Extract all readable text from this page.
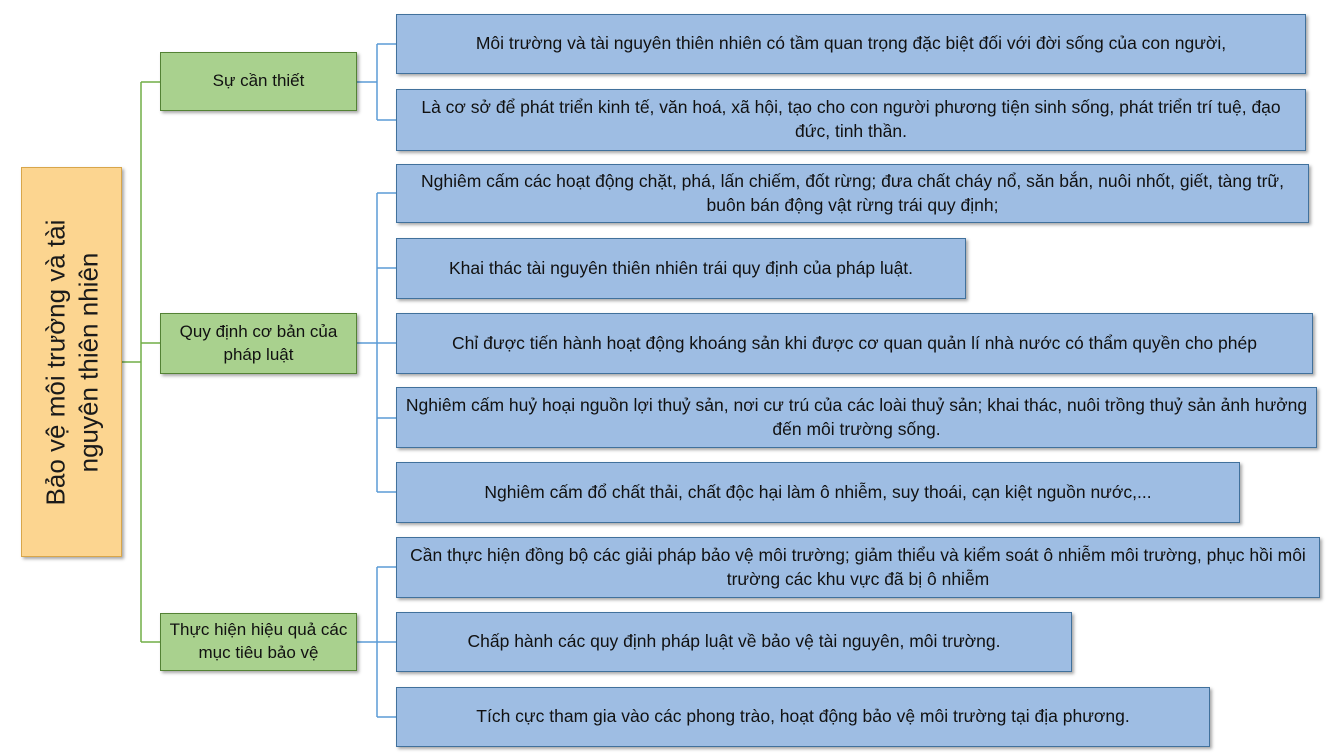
Bảo vệ môi trường và tài nguyên thiên nhiên
Sự cần thiết
Quy định cơ bản của pháp luật
Thực hiện hiệu quả các mục tiêu bảo vệ
Môi trường và tài nguyên thiên nhiên có tầm quan trọng đặc biệt đối với đời sống của con người,
Là cơ sở để phát triển kinh tế, văn hoá, xã hội, tạo cho con người phương tiện sinh sống, phát triển trí tuệ, đạo đức, tinh thần.
Nghiêm cấm các hoạt động chặt, phá, lấn chiếm, đốt rừng; đưa chất cháy nổ, săn bắn, nuôi nhốt, giết, tàng trữ, buôn bán động vật rừng trái quy định;
Khai thác tài nguyên thiên nhiên trái quy định của pháp luật.
Chỉ được tiến hành hoạt động khoáng sản khi được cơ quan quản lí nhà nước có thẩm quyền cho phép
Nghiêm cấm huỷ hoại nguồn lợi thuỷ sản, nơi cư trú của các loài thuỷ sản; khai thác, nuôi trồng thuỷ sản ảnh hưởng đến môi trường sống.
Nghiêm cấm đổ chất thải, chất độc hại làm ô nhiễm, suy thoái, cạn kiệt nguồn nước,...
Cần thực hiện đồng bộ các giải pháp bảo vệ môi trường; giảm thiểu và kiểm soát ô nhiễm môi trường, phục hồi môi trường các khu vực đã bị ô nhiễm
Chấp hành các quy định pháp luật về bảo vệ tài nguyên, môi trường.
Tích cực tham gia vào các phong trào, hoạt động bảo vệ môi trường tại địa phương.
